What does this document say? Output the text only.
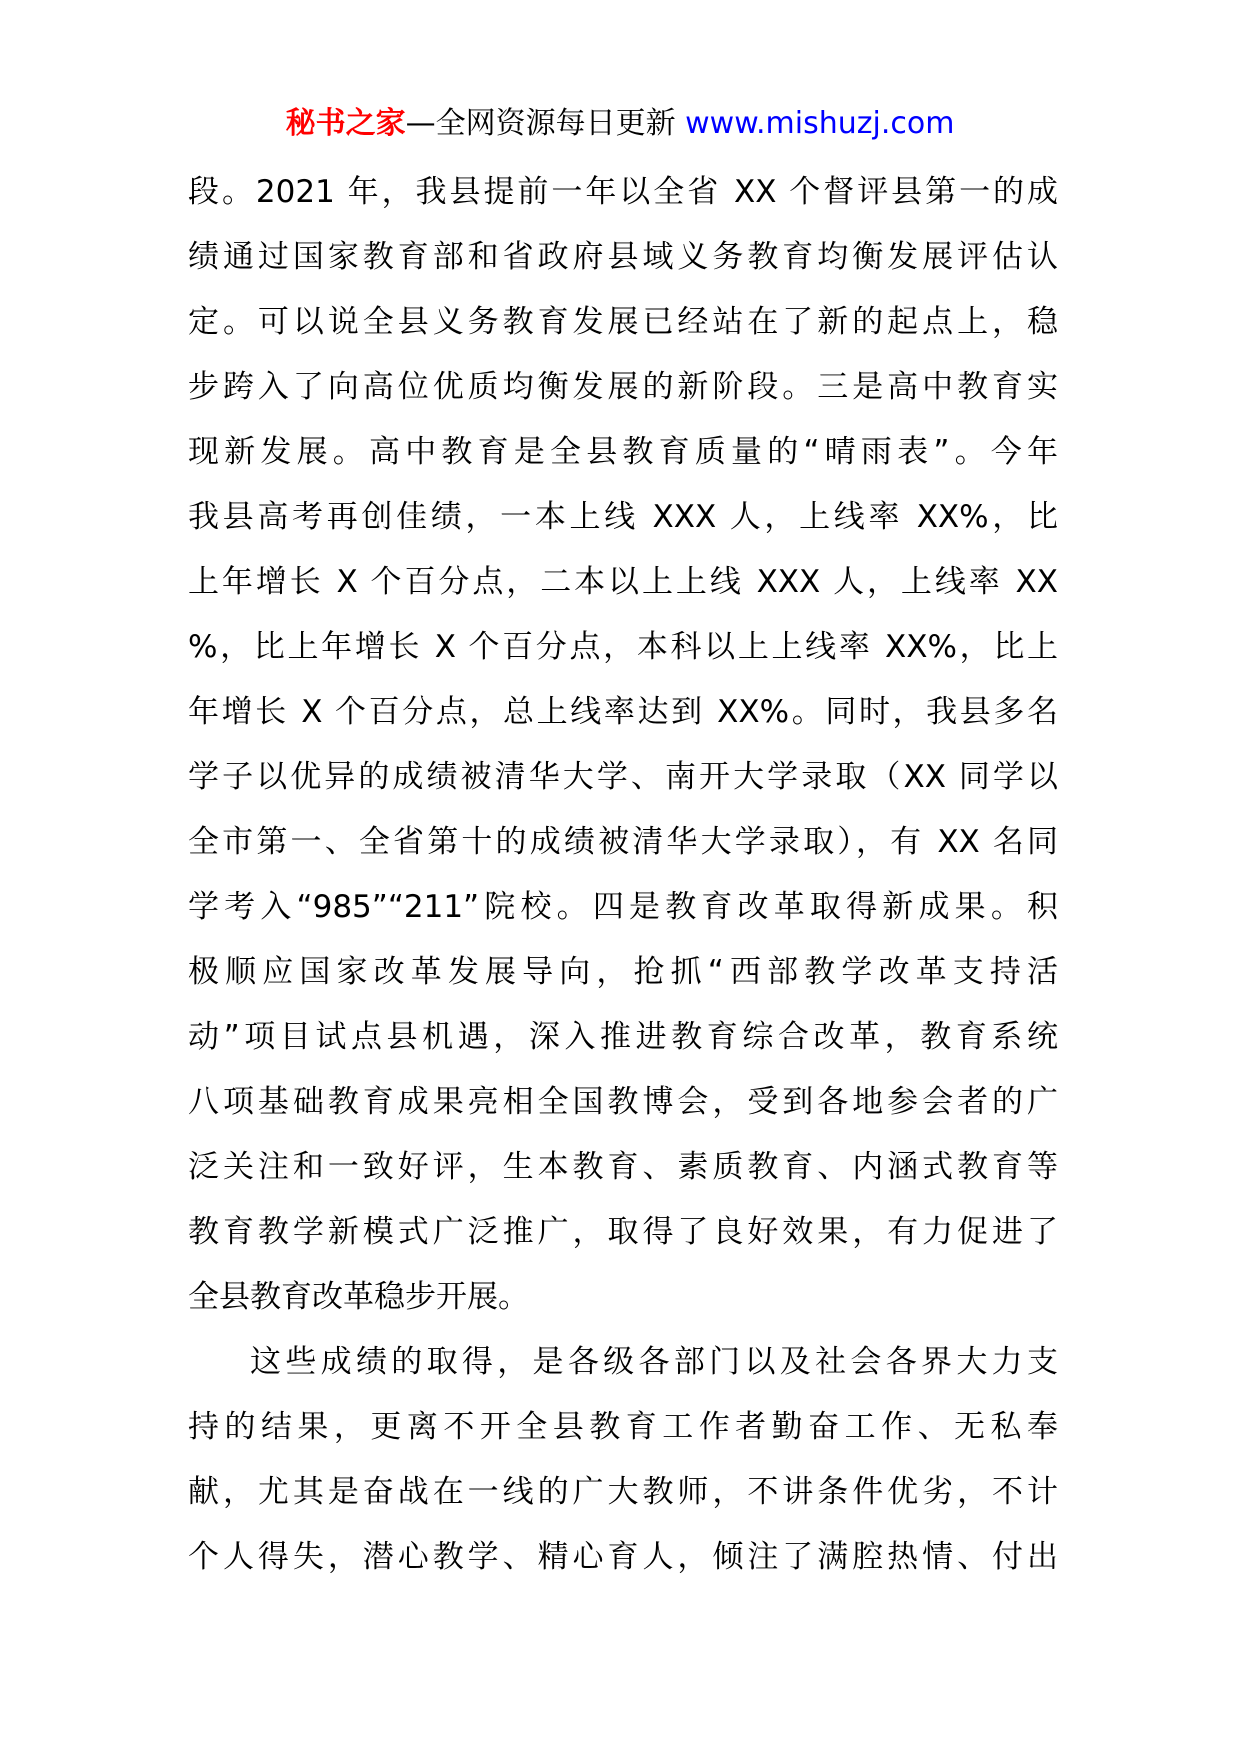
秘书之家—全网资源每日更新 www.mishuzj.com
段。2021 年，我县提前一年以全省 XX 个督评县第一的成
绩通过国家教育部和省政府县域义务教育均衡发展评估认
定。可以说全县义务教育发展已经站在了新的起点上，稳
步跨入了向高位优质均衡发展的新阶段。三是高中教育实
现新发展。高中教育是全县教育质量的“晴雨表”。今年
我县高考再创佳绩，一本上线 XXX 人，上线率 XX%，比
上年增长 X 个百分点，二本以上上线 XXX 人，上线率 XX
%，比上年增长 X 个百分点，本科以上上线率 XX%，比上
年增长 X 个百分点，总上线率达到 XX%。同时，我县多名
学子以优异的成绩被清华大学、南开大学录取（XX 同学以
全市第一、全省第十的成绩被清华大学录取），有 XX 名同
学考入“985”“211”院校。四是教育改革取得新成果。积
极顺应国家改革发展导向，抢抓“西部教学改革支持活
动”项目试点县机遇，深入推进教育综合改革，教育系统
八项基础教育成果亮相全国教博会，受到各地参会者的广
泛关注和一致好评，生本教育、素质教育、内涵式教育等
教育教学新模式广泛推广，取得了良好效果，有力促进了
全县教育改革稳步开展。
这些成绩的取得，是各级各部门以及社会各界大力支
持的结果，更离不开全县教育工作者勤奋工作、无私奉
献，尤其是奋战在一线的广大教师，不讲条件优劣，不计
个人得失，潜心教学、精心育人，倾注了满腔热情、付出
